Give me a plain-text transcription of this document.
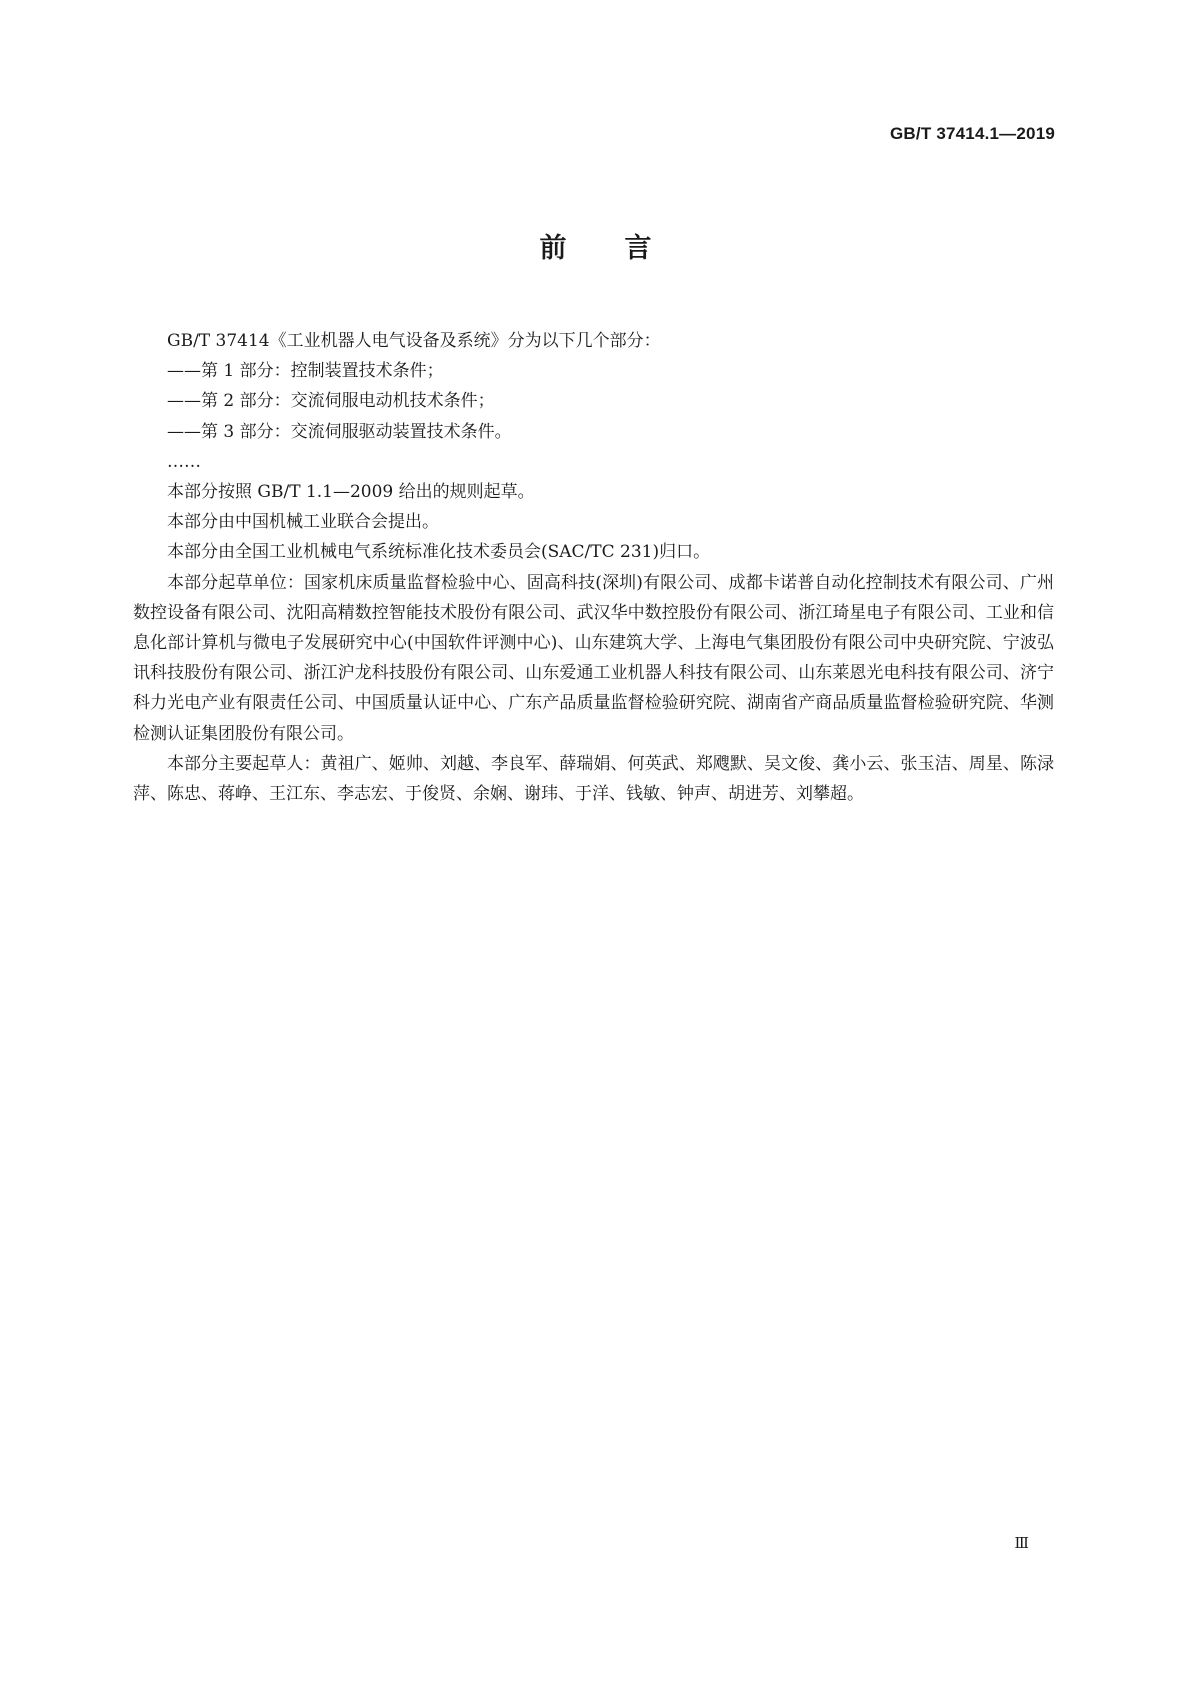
GB/T 37414.1—2019

前言

GB/T 37414《工业机器人电气设备及系统》分为以下几个部分：

——第 1 部分：控制装置技术条件；

——第 2 部分：交流伺服电动机技术条件；

——第 3 部分：交流伺服驱动装置技术条件。

……

本部分按照 GB/T 1.1—2009 给出的规则起草。

本部分由中国机械工业联合会提出。

本部分由全国工业机械电气系统标准化技术委员会(SAC/TC 231)归口。

本部分起草单位：国家机床质量监督检验中心、固高科技(深圳)有限公司、成都卡诺普自动化控制技术有限公司、广州数控设备有限公司、沈阳高精数控智能技术股份有限公司、武汉华中数控股份有限公司、浙江琦星电子有限公司、工业和信息化部计算机与微电子发展研究中心(中国软件评测中心)、山东建筑大学、上海电气集团股份有限公司中央研究院、宁波弘讯科技股份有限公司、浙江沪龙科技股份有限公司、山东爱通工业机器人科技有限公司、山东莱恩光电科技有限公司、济宁科力光电产业有限责任公司、中国质量认证中心、广东产品质量监督检验研究院、湖南省产商品质量监督检验研究院、华测检测认证集团股份有限公司。

本部分主要起草人：黄祖广、姬帅、刘越、李良军、薛瑞娟、何英武、郑飕默、吴文俊、龚小云、张玉洁、周星、陈渌萍、陈忠、蒋峥、王江东、李志宏、于俊贤、余娴、谢玮、于洋、钱敏、钟声、胡进芳、刘攀超。

Ⅲ
